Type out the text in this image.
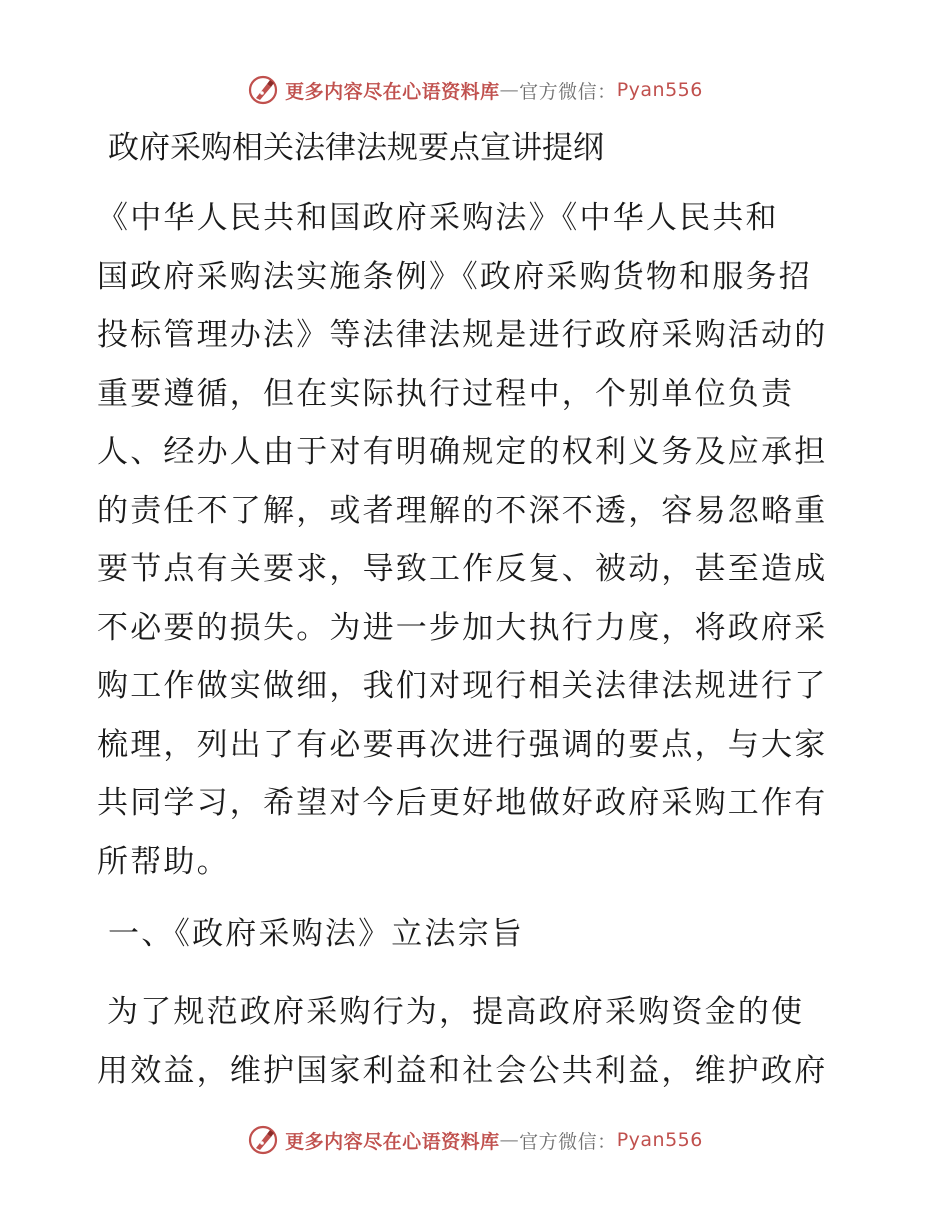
更多内容尽在心语资料库 — 官方微信： Pyan556
政府采购相关法律法规要点宣讲提纲
《中华人民共和国政府采购法》《中华人民共和
国政府采购法实施条例》《政府采购货物和服务招
投标管理办法》等法律法规是进行政府采购活动的
重要遵循，但在实际执行过程中，个别单位负责
人、经办人由于对有明确规定的权利义务及应承担
的责任不了解，或者理解的不深不透，容易忽略重
要节点有关要求，导致工作反复、被动，甚至造成
不必要的损失。为进一步加大执行力度，将政府采
购工作做实做细，我们对现行相关法律法规进行了
梳理，列出了有必要再次进行强调的要点，与大家
共同学习，希望对今后更好地做好政府采购工作有
所帮助。
一、《政府采购法》立法宗旨
为了规范政府采购行为，提高政府采购资金的使
用效益，维护国家利益和社会公共利益，维护政府
更多内容尽在心语资料库 — 官方微信： Pyan556
